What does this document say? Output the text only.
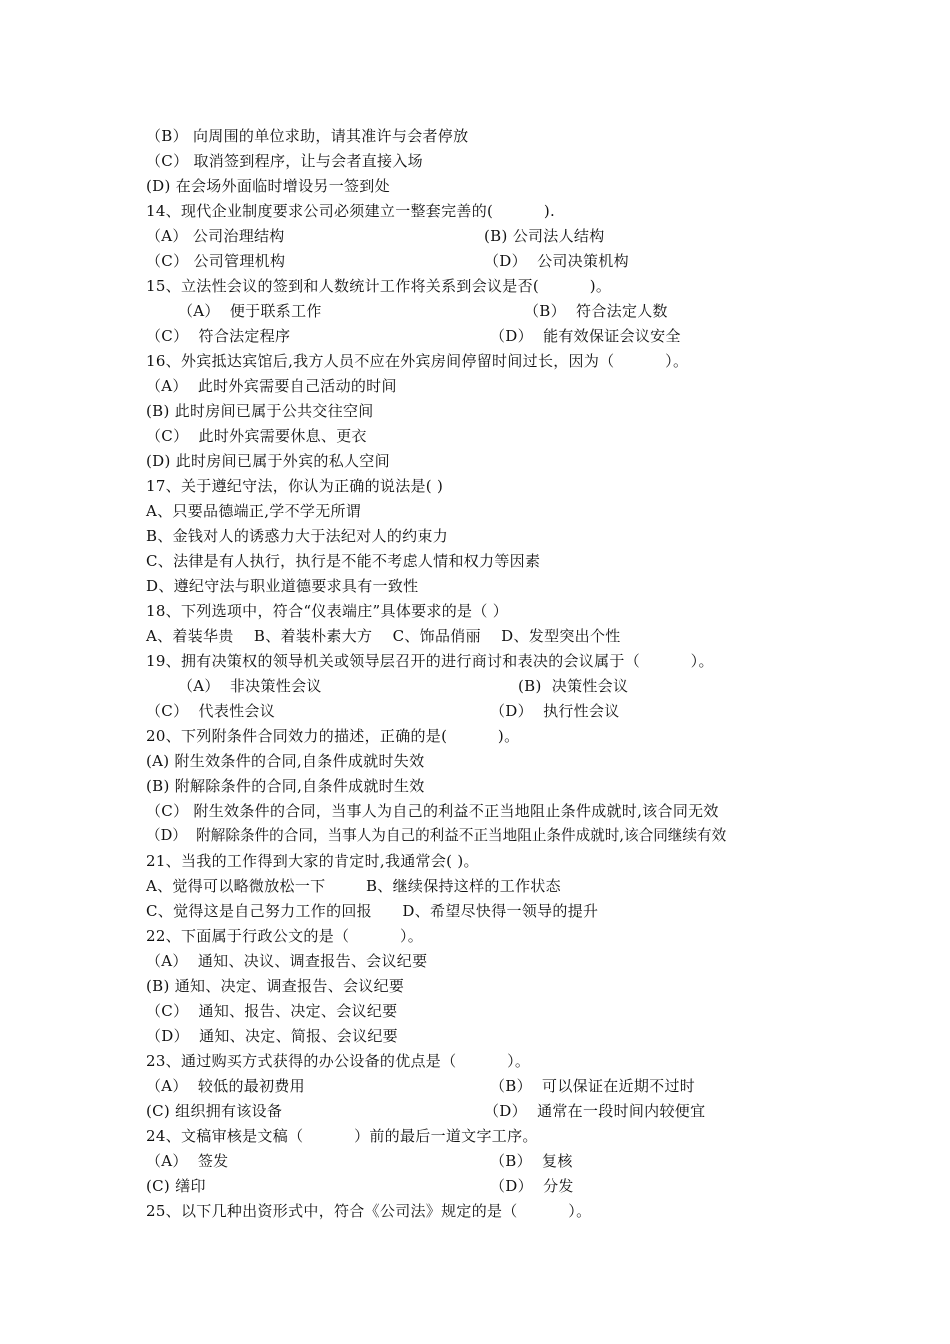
（B） 向周围的单位求助，请其准许与会者停放
（C） 取消签到程序，让与会者直接入场
(D) 在会场外面临时增设另一签到处
14、现代企业制度要求公司必须建立一整套完善的(          ).
（A） 公司治理结构	(B) 公司法人结构
（C） 公司管理机构	（D）  公司决策机构
15、立法性会议的签到和人数统计工作将关系到会议是否(          )。
（A）  便于联系工作	（B）  符合法定人数
（C）  符合法定程序	（D）  能有效保证会议安全
16、外宾抵达宾馆后,我方人员不应在外宾房间停留时间过长，因为（          ）。
（A）  此时外宾需要自己活动的时间
(B) 此时房间已属于公共交往空间
（C）  此时外宾需要休息、更衣
(D) 此时房间已属于外宾的私人空间
17、关于遵纪守法，你认为正确的说法是( )
A、只要品德端正,学不学无所谓
B、金钱对人的诱惑力大于法纪对人的约束力
C、法律是有人执行，执行是不能不考虑人情和权力等因素
D、遵纪守法与职业道德要求具有一致性
18、下列选项中，符合“仪表端庄”具体要求的是（ ）
A、着装华贵    B、着装朴素大方    C、饰品俏丽    D、发型突出个性
19、拥有决策权的领导机关或领导层召开的进行商讨和表决的会议属于（          ）。
（A）  非决策性会议	(B)  决策性会议
（C）  代表性会议	（D）  执行性会议
20、下列附条件合同效力的描述，正确的是(          )。
(A) 附生效条件的合同,自条件成就时失效
(B) 附解除条件的合同,自条件成就时生效
（C） 附生效条件的合同，当事人为自己的利益不正当地阻止条件成就时,该合同无效
（D）  附解除条件的合同，当事人为自己的利益不正当地阻止条件成就时,该合同继续有效
21、当我的工作得到大家的肯定时,我通常会( )。
A、觉得可以略微放松一下        B、继续保持这样的工作状态
C、觉得这是自己努力工作的回报      D、希望尽快得一领导的提升
22、下面属于行政公文的是（          ）。
（A）  通知、决议、调查报告、会议纪要
(B) 通知、决定、调查报告、会议纪要
（C）  通知、报告、决定、会议纪要
（D）  通知、决定、简报、会议纪要
23、通过购买方式获得的办公设备的优点是（          ）。
（A）  较低的最初费用	（B）  可以保证在近期不过时
(C) 组织拥有该设备	（D）  通常在一段时间内较便宜
24、文稿审核是文稿（          ）前的最后一道文字工序。
（A）  签发	（B）  复核
(C) 缮印	（D）  分发
25、以下几种出资形式中，符合《公司法》规定的是（          ）。
